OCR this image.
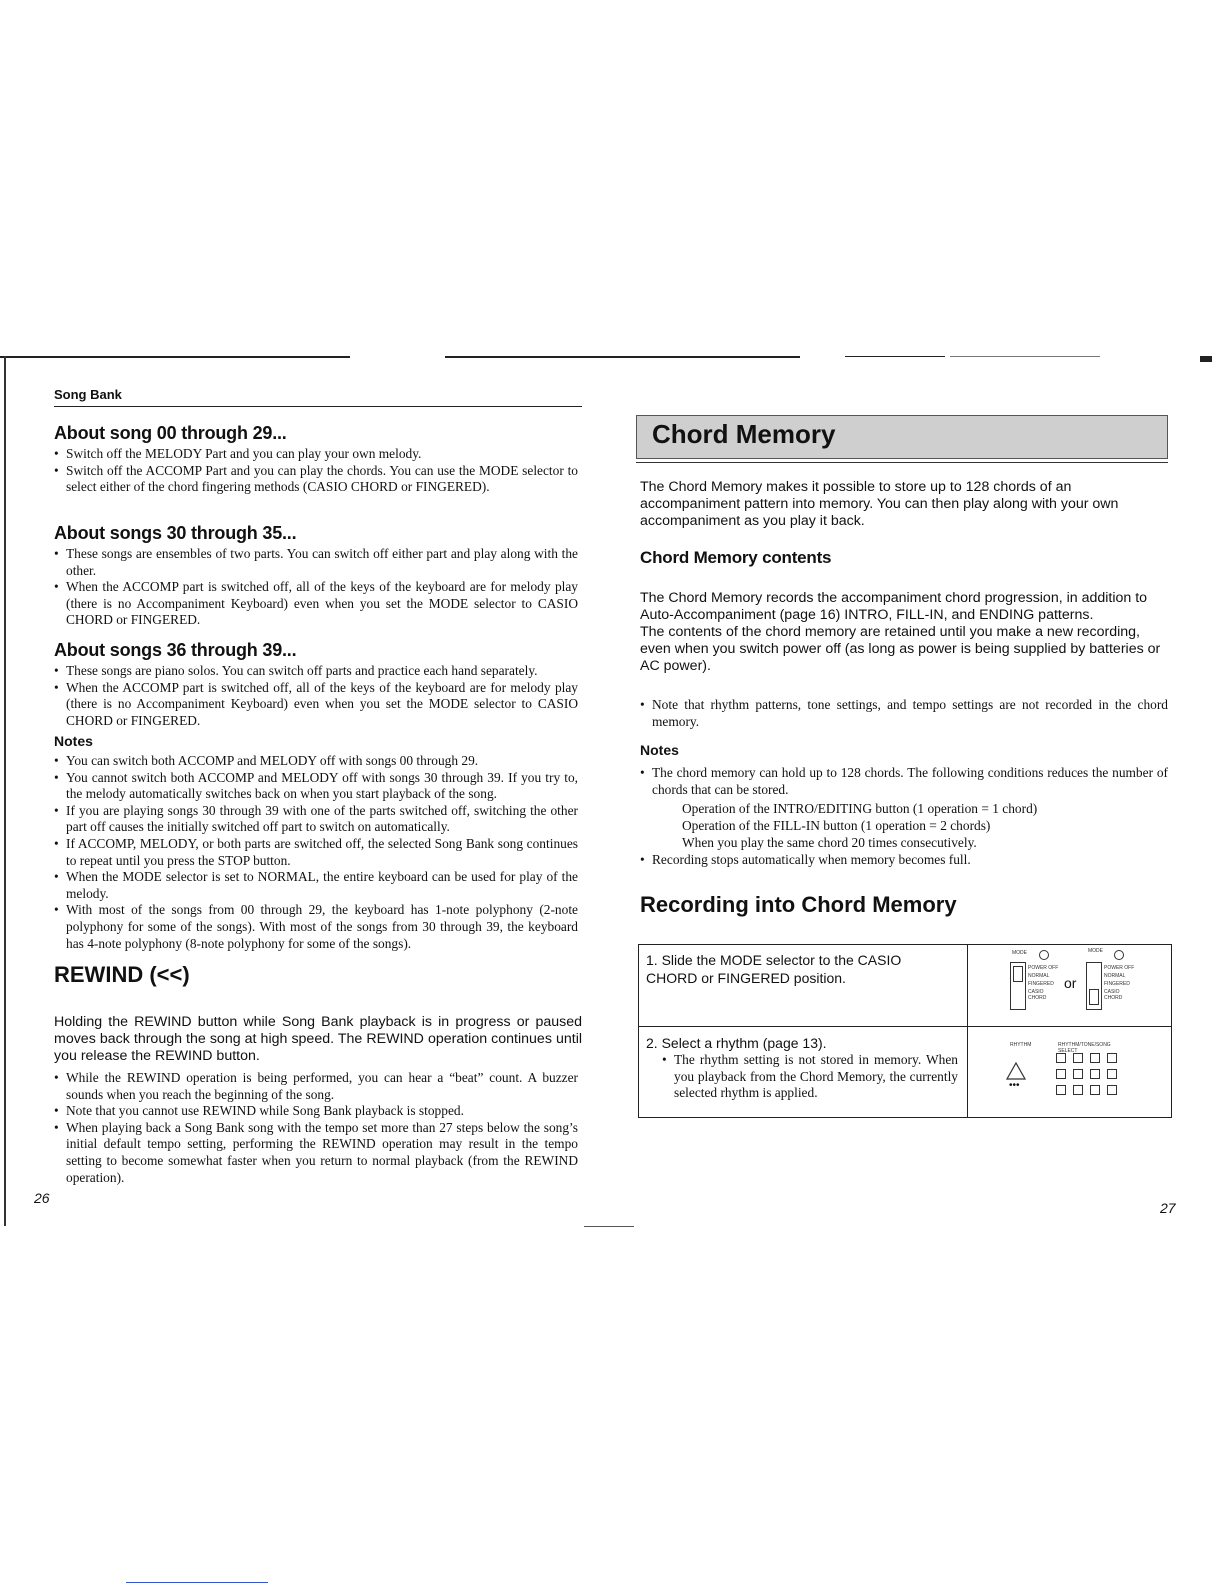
Song Bank
About song 00 through 29...
• Switch off the MELODY Part and you can play your own melody.
• Switch off the ACCOMP Part and you can play the chords. You can use the MODE selector to select either of the chord fingering methods (CASIO CHORD or FINGERED).
About songs 30 through 35...
• These songs are ensembles of two parts. You can switch off either part and play along with the other.
• When the ACCOMP part is switched off, all of the keys of the keyboard are for melody play (there is no Accompaniment Keyboard) even when you set the MODE selector to CASIO CHORD or FINGERED.
About songs 36 through 39...
• These songs are piano solos. You can switch off parts and practice each hand separately.
• When the ACCOMP part is switched off, all of the keys of the keyboard are for melody play (there is no Accompaniment Keyboard) even when you set the MODE selector to CASIO CHORD or FINGERED.
Notes
• You can switch both ACCOMP and MELODY off with songs 00 through 29.
• You cannot switch both ACCOMP and MELODY off with songs 30 through 39. If you try to, the melody automatically switches back on when you start playback of the song.
• If you are playing songs 30 through 39 with one of the parts switched off, switching the other part off causes the initially switched off part to switch on automatically.
• If ACCOMP, MELODY, or both parts are switched off, the selected Song Bank song continues to repeat until you press the STOP button.
• When the MODE selector is set to NORMAL, the entire keyboard can be used for play of the melody.
• With most of the songs from 00 through 29, the keyboard has 1-note polyphony (2-note polyphony for some of the songs). With most of the songs from 30 through 39, the keyboard has 4-note polyphony (8-note polyphony for some of the songs).
REWIND (<<)

Holding the REWIND button while Song Bank playback is in progress or paused moves back through the song at high speed. The REWIND operation continues until you release the REWIND button.

• While the REWIND operation is being performed, you can hear a “beat” count. A buzzer sounds when you reach the beginning of the song.
• Note that you cannot use REWIND while Song Bank playback is stopped.
• When playing back a Song Bank song with the tempo set more than 27 steps below the song’s initial default tempo setting, performing the REWIND operation may result in the tempo setting to become somewhat faster when you return to normal playback (from the REWIND operation).
26
Chord Memory

The Chord Memory makes it possible to store up to 128 chords of an accompaniment pattern into memory. You can then play along with your own accompaniment as you play it back.

Chord Memory contents

The Chord Memory records the accompaniment chord progression, in addition to Auto-Accompaniment (page 16) INTRO, FILL-IN, and ENDING patterns.

The contents of the chord memory are retained until you make a new recording, even when you switch power off (as long as power is being supplied by batteries or AC power).

• Note that rhythm patterns, tone settings, and tempo settings are not recorded in the chord memory.
Notes
• The chord memory can hold up to 128 chords. The following conditions reduces the number of chords that can be stored.
Operation of the INTRO/EDITING button (1 operation = 1 chord)
Operation of the FILL-IN button (1 operation = 2 chords)
When you play the same chord 20 times consecutively.
• Recording stops automatically when memory becomes full.
Recording into Chord Memory
1. Slide the MODE selector to the CASIO CHORD or FINGERED position.
2. Select a rhythm (page 13).
• The rhythm setting is not stored in memory. When you playback from the Chord Memory, the currently selected rhythm is applied.
MODE
POWER OFF
NORMAL
FINGERED
CASIO CHORD
or
MODE
POWER OFF
NORMAL
FINGERED
CASIO CHORD
RHYTHM	RHYTHM/TONE/SONG SELECT
•••
27
